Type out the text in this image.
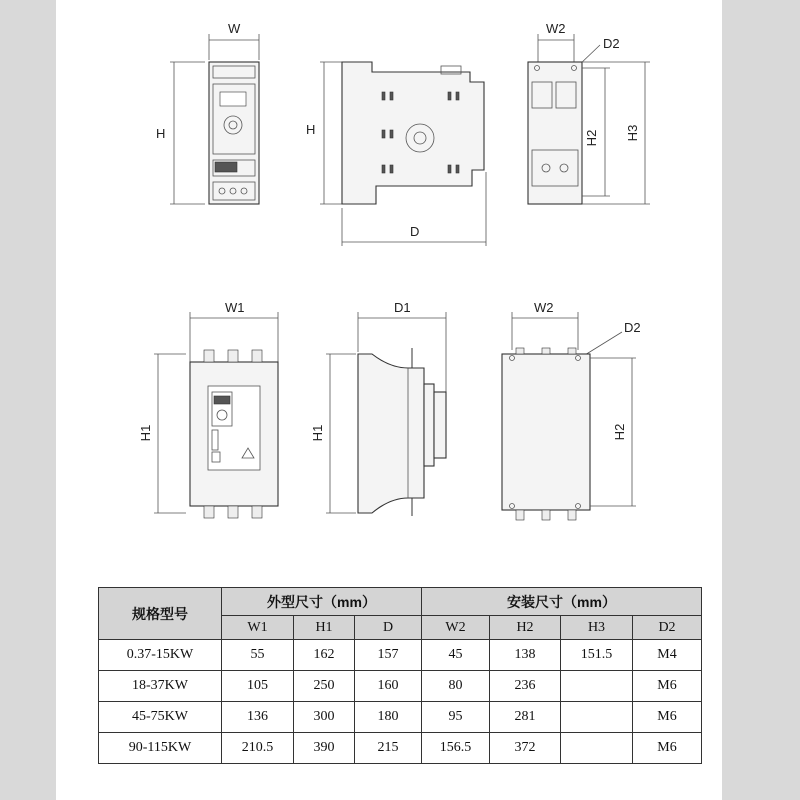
W
H	H
D
W2
D2
H2 H3
W1
H1
D1
H1
W2
D2
H2
规格型号	外型尺寸（mm）			安装尺寸（mm）			
	W1	H1	D	W2	H2	H3	D2
0.37-15KW	55	162	157	45	138	151.5	M4
18-37KW	105	250	160	80	236		M6
45-75KW	136	300	180	95	281		M6
90-115KW	210.5	390	215	156.5	372		M6
